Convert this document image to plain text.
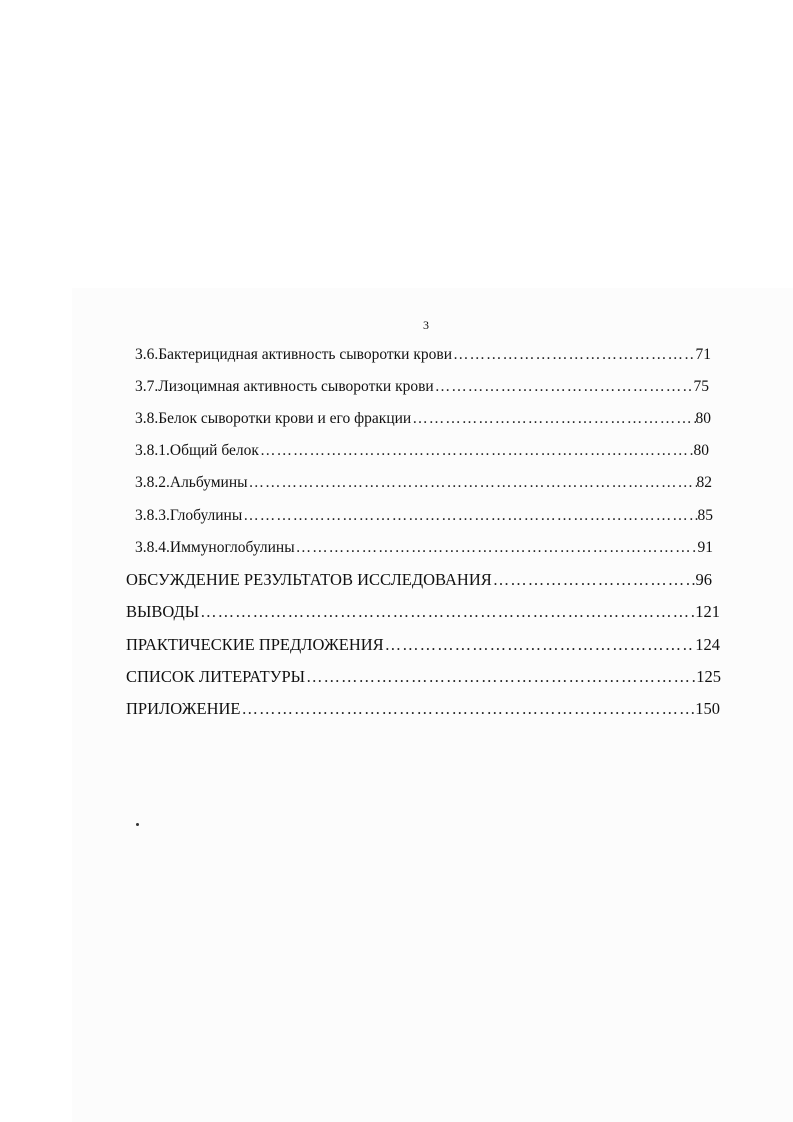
3
3.6.Бактерицидная активность сыворотки крови ……………………………………………………………………………………………………………………………………………………………………	71
3.7.Лизоцимная активность сыворотки крови ……………………………………………………………………………………………………………………………………………………………………	75
3.8.Белок сыворотки крови и его фракции ……………………………………………………………………………………………………………………………………………………………………	80
3.8.1.Общий белок ……………………………………………………………………………………………………………………………………………………………………	80
3.8.2.Альбумины ……………………………………………………………………………………………………………………………………………………………………	82
3.8.3.Глобулины ……………………………………………………………………………………………………………………………………………………………………	85
3.8.4.Иммуноглобулины ……………………………………………………………………………………………………………………………………………………………………	91
ОБСУЖДЕНИЕ РЕЗУЛЬТАТОВ ИССЛЕДОВАНИЯ ……………………………………………………………………………………………………………………………………………………………………	96
ВЫВОДЫ ……………………………………………………………………………………………………………………………………………………………………	121
ПРАКТИЧЕСКИЕ ПРЕДЛОЖЕНИЯ ……………………………………………………………………………………………………………………………………………………………………	124
СПИСОК ЛИТЕРАТУРЫ ……………………………………………………………………………………………………………………………………………………………………	125
ПРИЛОЖЕНИЕ ……………………………………………………………………………………………………………………………………………………………………	150
